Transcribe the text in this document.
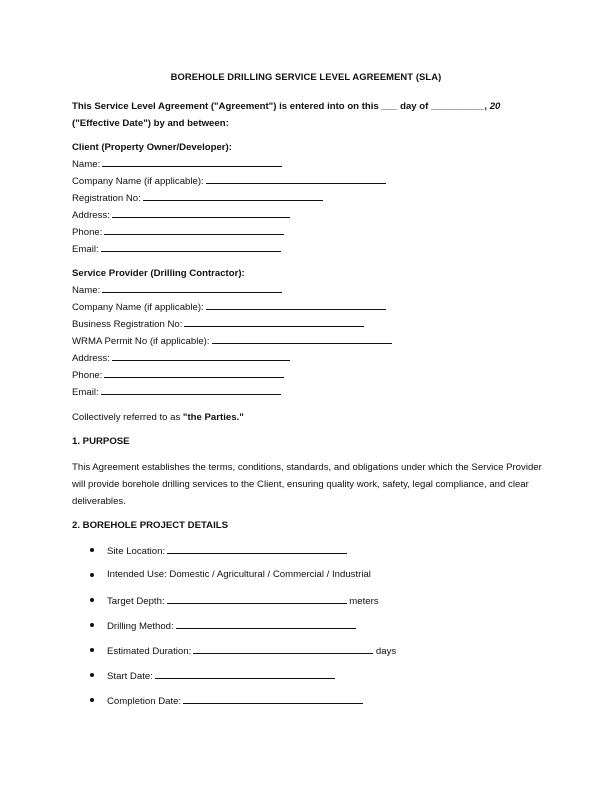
BOREHOLE DRILLING SERVICE LEVEL AGREEMENT (SLA)
This Service Level Agreement ("Agreement") is entered into on this ___ day of __________, 20
("Effective Date") by and between:
Client (Property Owner/Developer):
Name:
Company Name (if applicable):
Registration No:
Address:
Phone:
Email:
Service Provider (Drilling Contractor):
Name:
Company Name (if applicable):
Business Registration No:
WRMA Permit No (if applicable):
Address:
Phone:
Email:
Collectively referred to as "the Parties."
1. PURPOSE
This Agreement establishes the terms, conditions, standards, and obligations under which the Service Provider will provide borehole drilling services to the Client, ensuring quality work, safety, legal compliance, and clear deliverables.
2. BOREHOLE PROJECT DETAILS
Site Location:
Intended Use: Domestic / Agricultural / Commercial / Industrial
Target Depth:	meters
Drilling Method:
Estimated Duration:	days
Start Date:
Completion Date:
